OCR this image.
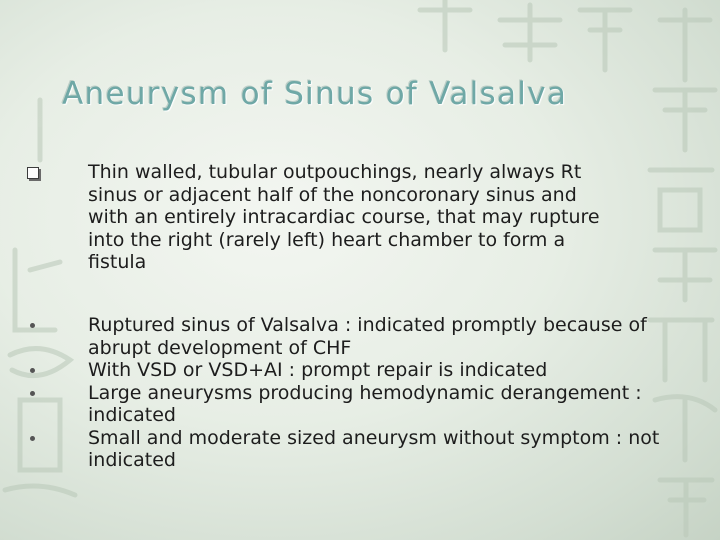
Aneurysm of Sinus of Valsalva

Thin walled, tubular outpouchings, nearly always Rt sinus or adjacent half of the noncoronary sinus and with an entirely intracardiac course, that may rupture into the right (rarely left) heart chamber to form a fistula

Ruptured sinus of Valsalva : indicated promptly because of abrupt development of CHF
With VSD or VSD+AI : prompt repair is indicated
Large aneurysms producing hemodynamic derangement : indicated
Small and moderate sized aneurysm without symptom : not indicated
